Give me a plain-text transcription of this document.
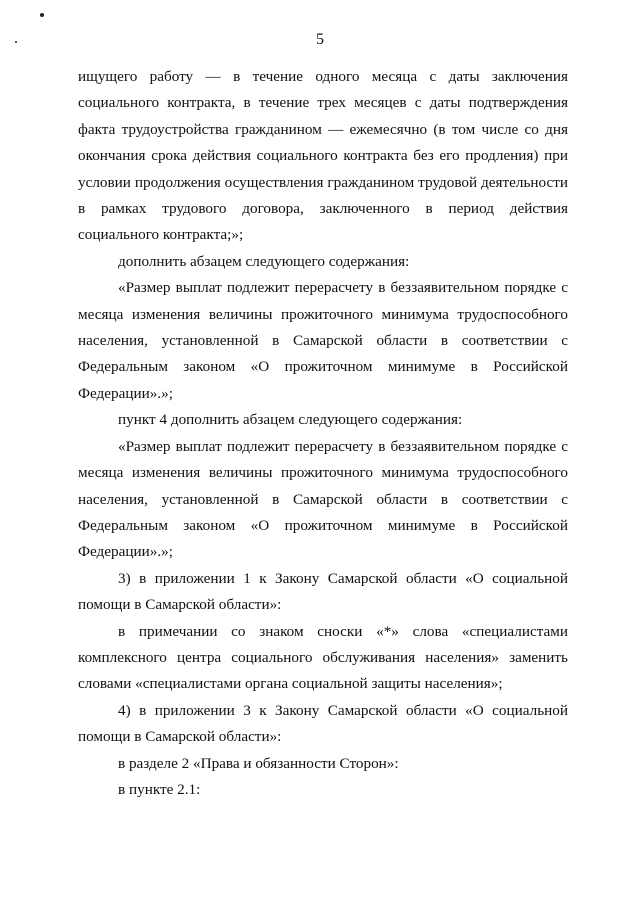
5

ищущего работу — в течение одного месяца с даты заключения социального контракта, в течение трех месяцев с даты подтверждения факта трудоустройства гражданином — ежемесячно (в том числе со дня окончания срока действия социального контракта без его продления) при условии продолжения осуществления гражданином трудовой деятельности в рамках трудового договора, заключенного в период действия социального контракта;»;

дополнить абзацем следующего содержания:

«Размер выплат подлежит перерасчету в беззаявительном порядке с месяца изменения величины прожиточного минимума трудоспособного населения, установленной в Самарской области в соответствии с Федеральным законом «О прожиточном минимуме в Российской Федерации».»;

пункт 4 дополнить абзацем следующего содержания:

«Размер выплат подлежит перерасчету в беззаявительном порядке с месяца изменения величины прожиточного минимума трудоспособного населения, установленной в Самарской области в соответствии с Федеральным законом «О прожиточном минимуме в Российской Федерации».»;

3) в приложении 1 к Закону Самарской области «О социальной помощи в Самарской области»:

в примечании со знаком сноски «*» слова «специалистами комплексного центра социального обслуживания населения» заменить словами «специалистами органа социальной защиты населения»;

4) в приложении 3 к Закону Самарской области «О социальной помощи в Самарской области»:

в разделе 2 «Права и обязанности Сторон»:

в пункте 2.1:
